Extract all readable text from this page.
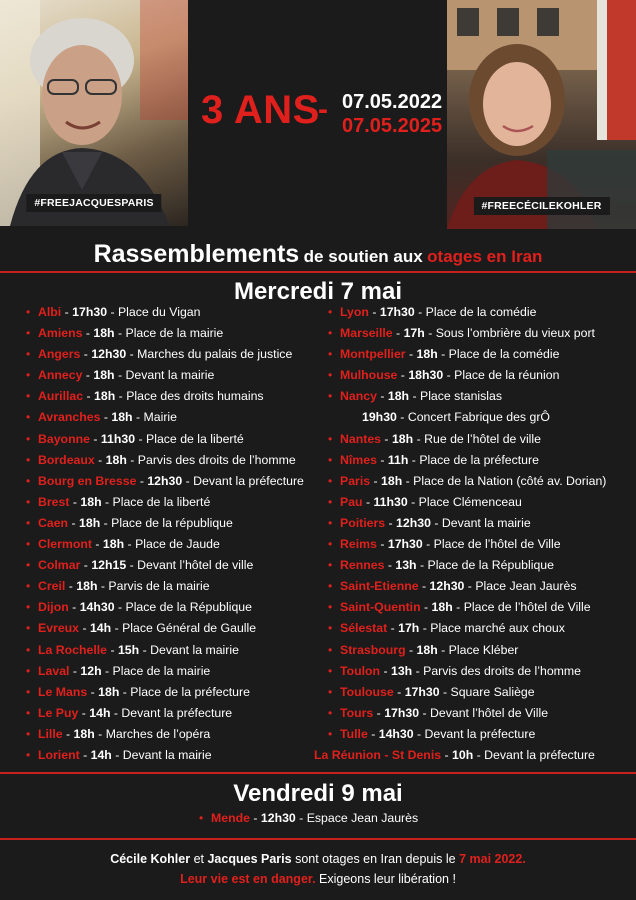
#FREEJACQUESPARIS	#FREECÉCILEKOHLER
3 ANS
- 07.05.2022
07.05.2025
Rassemblements de soutien aux otages en Iran
Mercredi 7 mai
• Albi - 17h30 - Place du Vigan
• Amiens - 18h - Place de la mairie
• Angers - 12h30 - Marches du palais de justice
• Annecy - 18h - Devant la mairie
• Aurillac - 18h - Place des droits humains
• Avranches - 18h - Mairie
• Bayonne - 11h30 - Place de la liberté
• Bordeaux - 18h - Parvis des droits de l’homme
• Bourg en Bresse - 12h30 - Devant la préfecture
• Brest - 18h - Place de la liberté
• Caen - 18h - Place de la république
• Clermont - 18h - Place de Jaude
• Colmar - 12h15 - Devant l’hôtel de ville
• Creil - 18h - Parvis de la mairie
• Dijon - 14h30 - Place de la République
• Evreux - 14h - Place Général de Gaulle
• La Rochelle - 15h - Devant la mairie
• Laval - 12h - Place de la mairie
• Le Mans - 18h - Place de la préfecture
• Le Puy - 14h - Devant la préfecture
• Lille - 18h - Marches de l’opéra
• Lorient - 14h - Devant la mairie
• Lyon - 17h30 - Place de la comédie
• Marseille - 17h - Sous l’ombrière du vieux port
• Montpellier - 18h - Place de la comédie
• Mulhouse - 18h30 - Place de la réunion
• Nancy - 18h - Place stanislas
19h30 - Concert Fabrique des grÔ
• Nantes - 18h - Rue de l’hôtel de ville
• Nîmes - 11h - Place de la préfecture
• Paris - 18h - Place de la Nation (côté av. Dorian)
• Pau - 11h30 - Place Clémenceau
• Poitiers - 12h30 - Devant la mairie
• Reims - 17h30 - Place de l’hôtel de Ville
• Rennes - 13h - Place de la République
• Saint-Etienne - 12h30 - Place Jean Jaurès
• Saint-Quentin - 18h - Place de l’hôtel de Ville
• Sélestat - 17h - Place marché aux choux
• Strasbourg - 18h - Place Kléber
• Toulon - 13h - Parvis des droits de l’homme
• Toulouse - 17h30 - Square Saliège
• Tours - 17h30 - Devant l’hôtel de Ville
• Tulle - 14h30 - Devant la préfecture
La Réunion - St Denis - 10h - Devant la préfecture
Vendredi 9 mai
• Mende - 12h30 - Espace Jean Jaurès
Cécile Kohler et Jacques Paris sont otages en Iran depuis le 7 mai 2022.
Leur vie est en danger. Exigeons leur libération !
